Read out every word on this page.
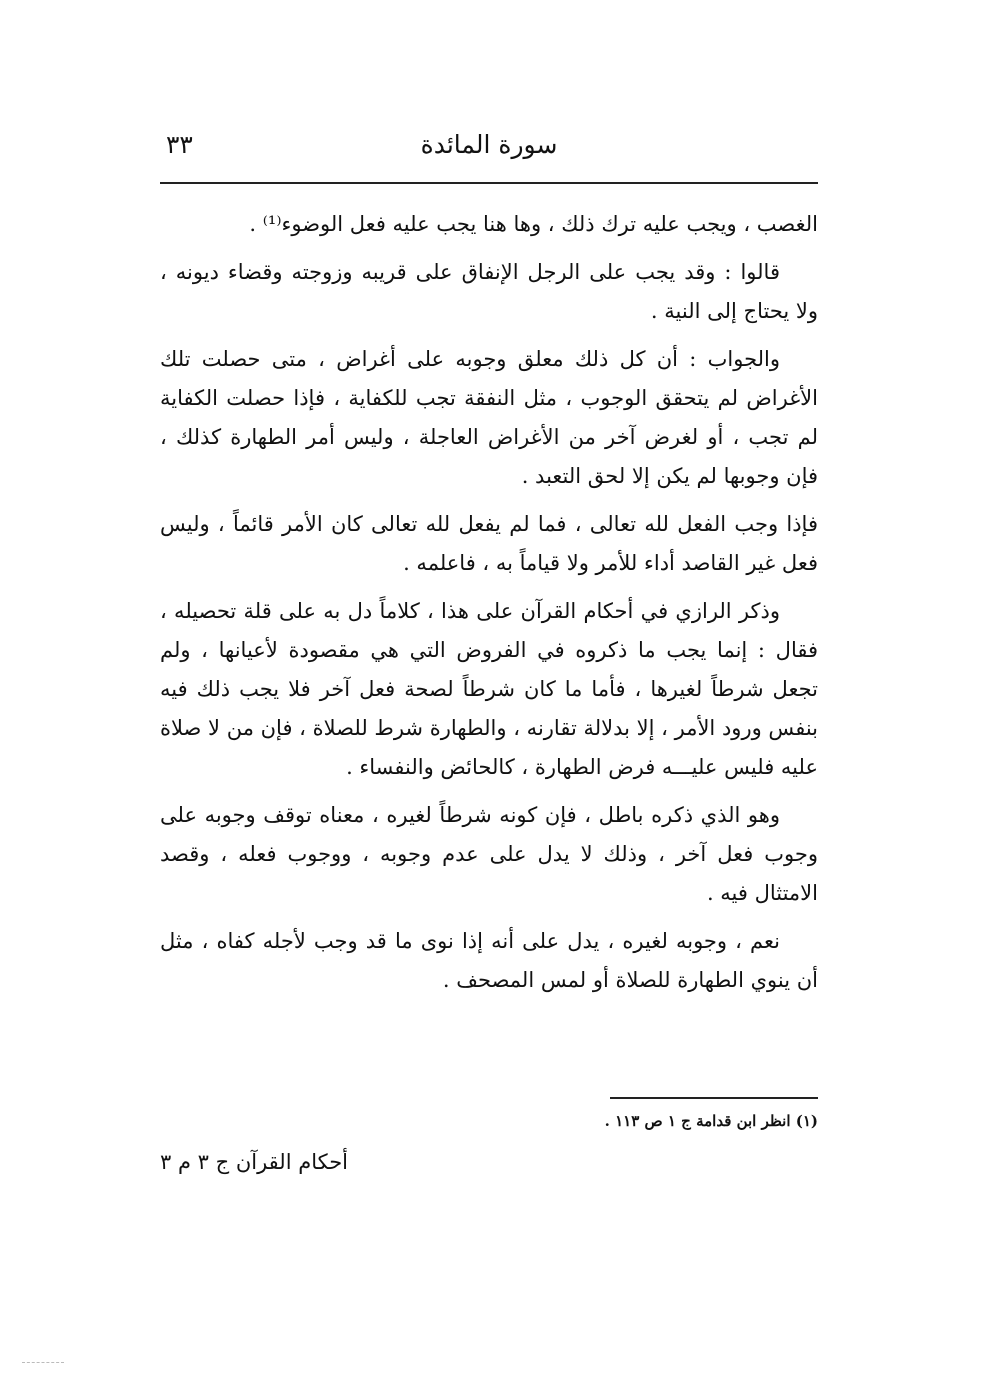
٣٣	سورة المائدة

الغصب ، ويجب عليه ترك ذلك ، وها هنا يجب عليه فعل الوضوء⁽¹⁾ .

قالوا : وقد يجب على الرجل الإنفاق على قريبه وزوجته وقضاء ديونه ، ولا يحتاج إلى النية .

والجواب : أن كل ذلك معلق وجوبه على أغراض ، متى حصلت تلك الأغراض لم يتحقق الوجوب ، مثل النفقة تجب للكفاية ، فإذا حصلت الكفاية لم تجب ، أو لغرض آخر من الأغراض العاجلة ، وليس أمر الطهارة كذلك ، فإن وجوبها لم يكن إلا لحق التعبد .

فإذا وجب الفعل لله تعالى ، فما لم يفعل لله تعالى كان الأمر قائماً ، وليس فعل غير القاصد أداء للأمر ولا قياماً به ، فاعلمه .

وذكر الرازي في أحكام القرآن على هذا ، كلاماً دل به على قلة تحصيله ، فقال : إنما يجب ما ذكروه في الفروض التي هي مقصودة لأعيانها ، ولم تجعل شرطاً لغيرها ، فأما ما كان شرطاً لصحة فعل آخر فلا يجب ذلك فيه بنفس ورود الأمر ، إلا بدلالة تقارنه ، والطهارة شرط للصلاة ، فإن من لا صلاة عليه فليس عليـــه فرض الطهارة ، كالحائض والنفساء .

وهو الذي ذكره باطل ، فإن كونه شرطاً لغيره ، معناه توقف وجوبه على وجوب فعل آخر ، وذلك لا يدل على عدم وجوبه ، ووجوب فعله ، وقصد الامتثال فيه .

نعم ، وجوبه لغيره ، يدل على أنه إذا نوى ما قد وجب لأجله كفاه ، مثل أن ينوي الطهارة للصلاة أو لمس المصحف .

(١) انظر ابن قدامة ج ١ ص ١١٣ .
أحكام القرآن ج ٣ م ٣
